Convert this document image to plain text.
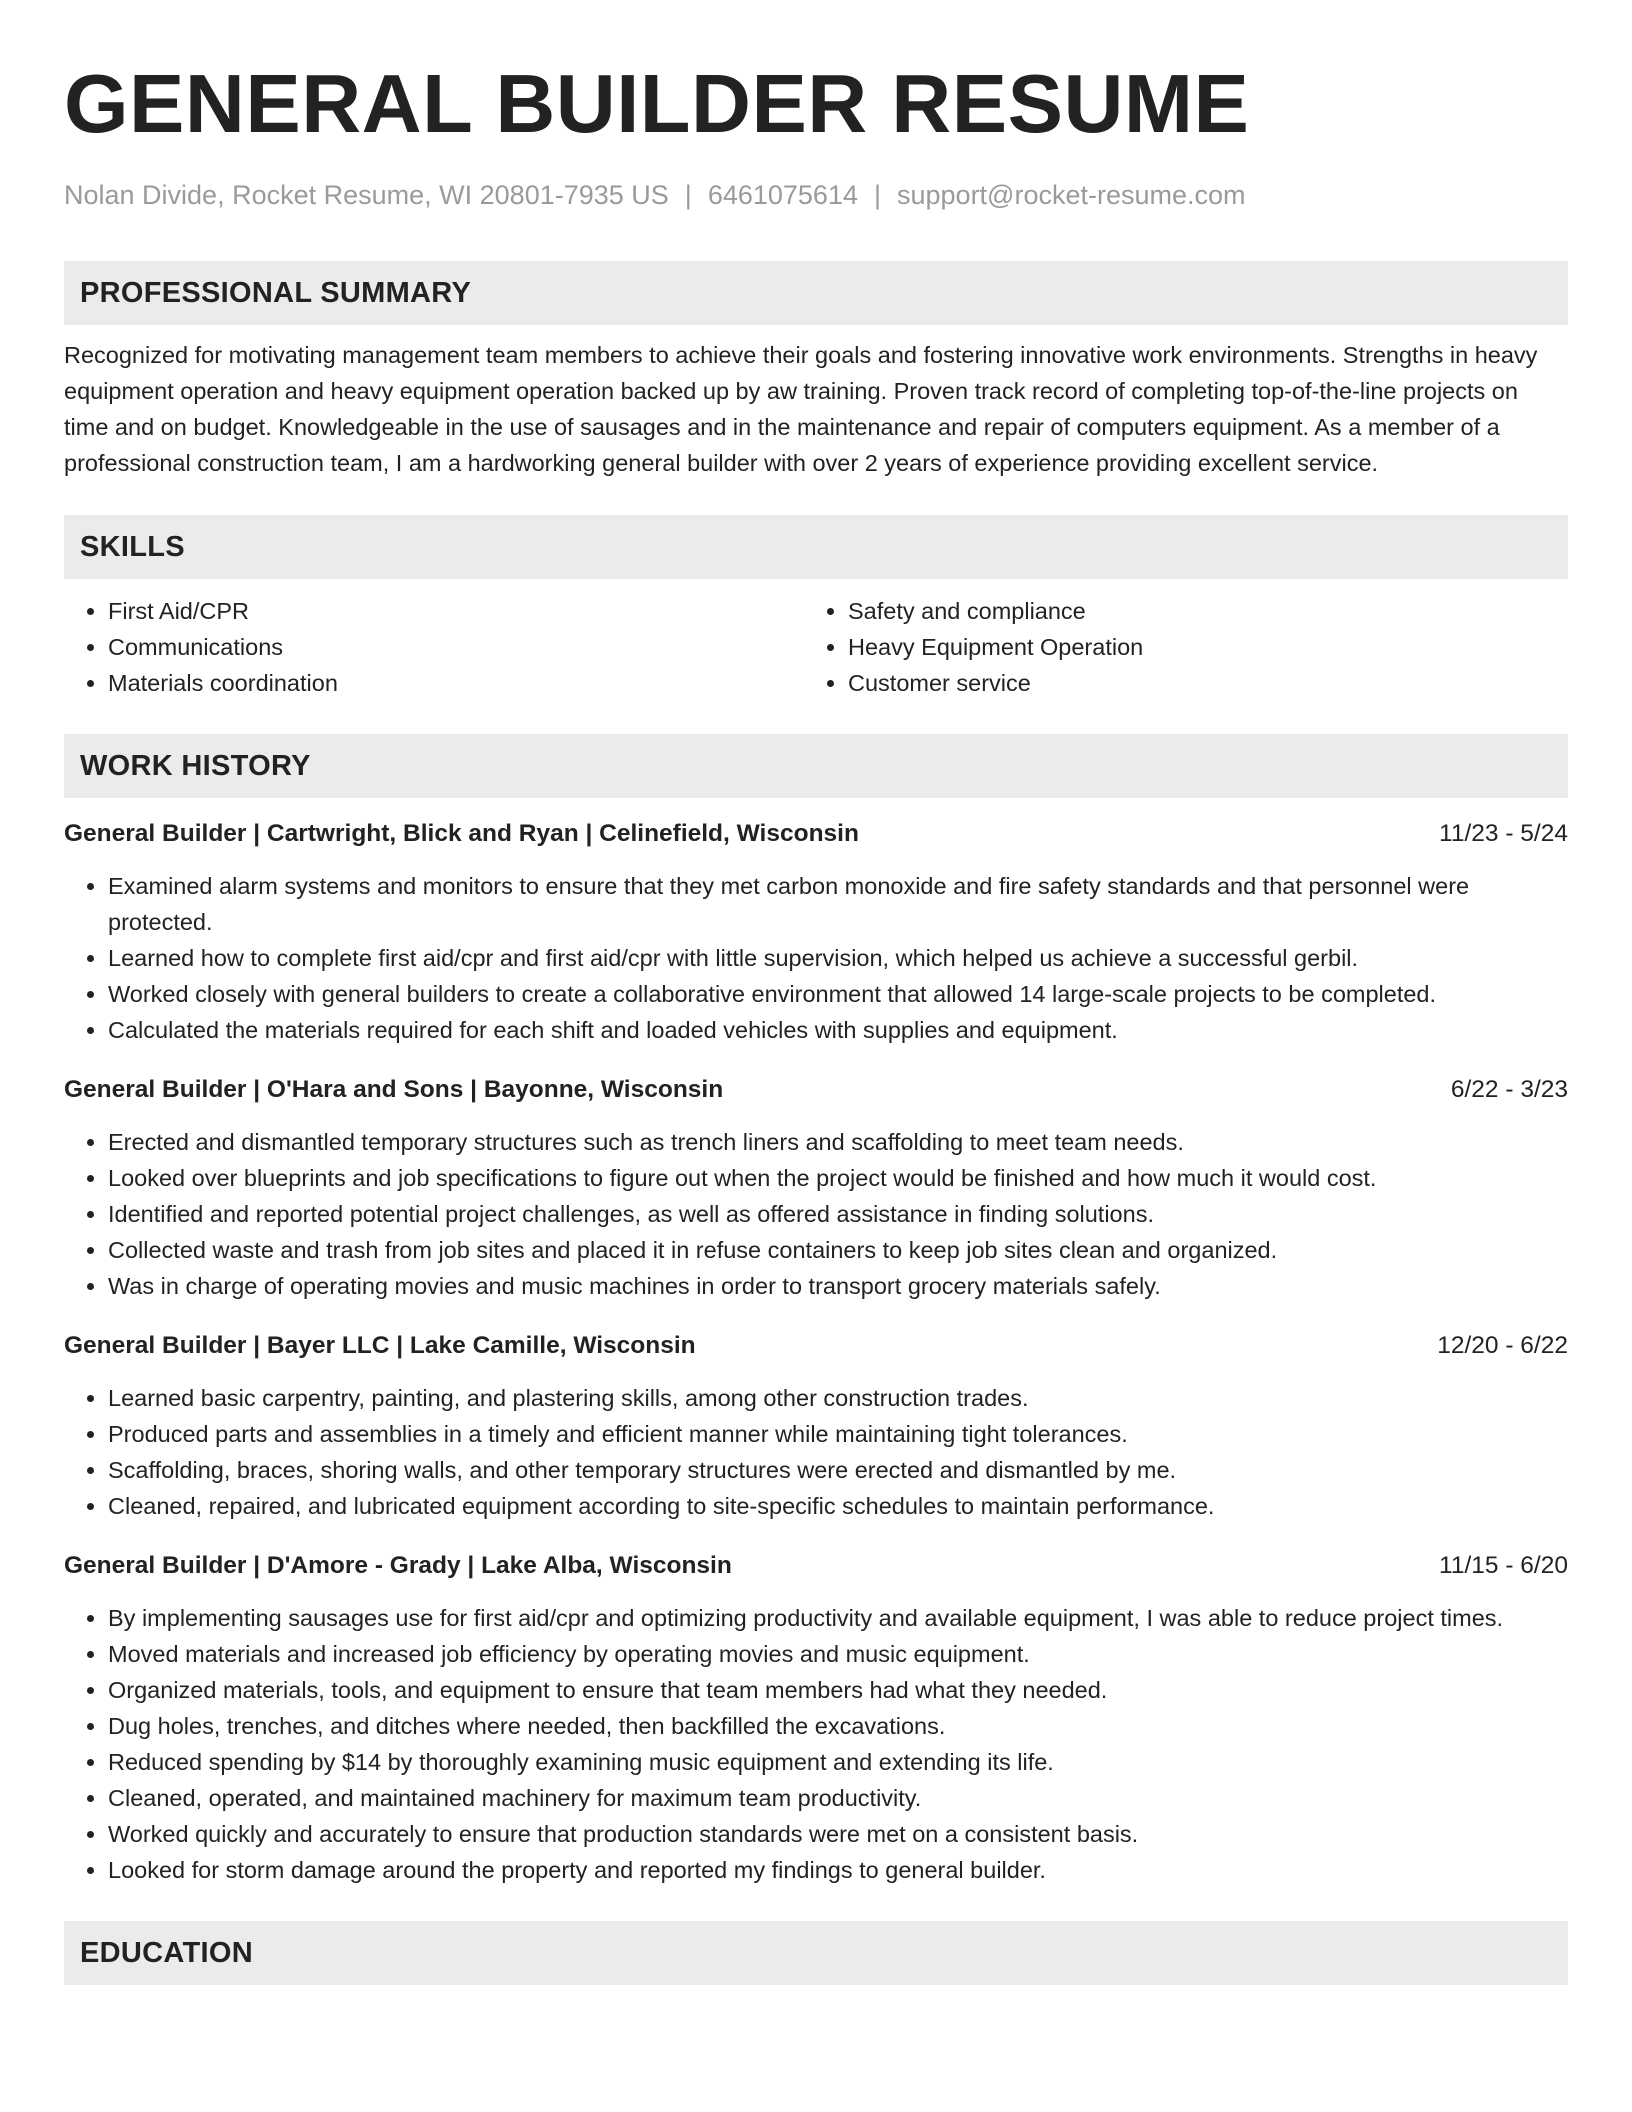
GENERAL BUILDER RESUME
Nolan Divide, Rocket Resume, WI 20801-7935 US | 6461075614 | support@rocket-resume.com
PROFESSIONAL SUMMARY

Recognized for motivating management team members to achieve their goals and fostering innovative work environments. Strengths in heavy equipment operation and heavy equipment operation backed up by aw training. Proven track record of completing top-of-the-line projects on time and on budget. Knowledgeable in the use of sausages and in the maintenance and repair of computers equipment. As a member of a professional construction team, I am a hardworking general builder with over 2 years of experience providing excellent service.

SKILLS
• First Aid/CPR
• Communications
• Materials coordination
• Safety and compliance
• Heavy Equipment Operation
• Customer service
WORK HISTORY
General Builder | Cartwright, Blick and Ryan | Celinefield, Wisconsin	11/23 - 5/24
• Examined alarm systems and monitors to ensure that they met carbon monoxide and fire safety standards and that personnel were protected.
• Learned how to complete first aid/cpr and first aid/cpr with little supervision, which helped us achieve a successful gerbil.
• Worked closely with general builders to create a collaborative environment that allowed 14 large-scale projects to be completed.
• Calculated the materials required for each shift and loaded vehicles with supplies and equipment.
General Builder | O'Hara and Sons | Bayonne, Wisconsin	6/22 - 3/23
• Erected and dismantled temporary structures such as trench liners and scaffolding to meet team needs.
• Looked over blueprints and job specifications to figure out when the project would be finished and how much it would cost.
• Identified and reported potential project challenges, as well as offered assistance in finding solutions.
• Collected waste and trash from job sites and placed it in refuse containers to keep job sites clean and organized.
• Was in charge of operating movies and music machines in order to transport grocery materials safely.
General Builder | Bayer LLC | Lake Camille, Wisconsin	12/20 - 6/22
• Learned basic carpentry, painting, and plastering skills, among other construction trades.
• Produced parts and assemblies in a timely and efficient manner while maintaining tight tolerances.
• Scaffolding, braces, shoring walls, and other temporary structures were erected and dismantled by me.
• Cleaned, repaired, and lubricated equipment according to site-specific schedules to maintain performance.
General Builder | D'Amore - Grady | Lake Alba, Wisconsin	11/15 - 6/20
• By implementing sausages use for first aid/cpr and optimizing productivity and available equipment, I was able to reduce project times.
• Moved materials and increased job efficiency by operating movies and music equipment.
• Organized materials, tools, and equipment to ensure that team members had what they needed.
• Dug holes, trenches, and ditches where needed, then backfilled the excavations.
• Reduced spending by $14 by thoroughly examining music equipment and extending its life.
• Cleaned, operated, and maintained machinery for maximum team productivity.
• Worked quickly and accurately to ensure that production standards were met on a consistent basis.
• Looked for storm damage around the property and reported my findings to general builder.
EDUCATION
